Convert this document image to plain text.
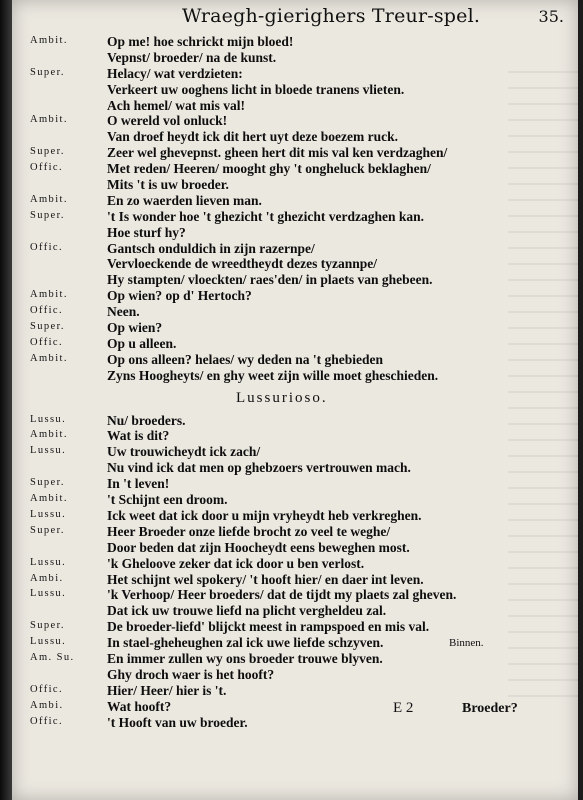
Wraegh-gierighers Treur-spel.	35.
Ambit.	Op me! hoe schrickt mijn bloed!
Vepnst/ broeder/ na de kunst.
Super.	Helacy/ wat verdzieten:
Verkeert uw ooghens licht in bloede tranens vlieten.
Ach hemel/ wat mis val!
Ambit.	O wereld vol onluck!
Van droef heydt ick dit hert uyt deze boezem ruck.
Super.	Zeer wel ghevepnst. gheen hert dit mis val ken verdzaghen/
Offic.	Met reden/ Heeren/ mooght ghy 't ongheluck beklaghen/
Mits 't is uw broeder.
Ambit.	En zo waerden lieven man.
Super.	't Is wonder hoe 't ghezicht 't ghezicht verdzaghen kan.
Hoe sturf hy?
Offic.	Gantsch onduldich in zijn razernpe/
Vervloeckende de wreedtheydt dezes tyzannpe/
Hy stampten/ vloeckten/ raes'den/ in plaets van ghebeen.
Ambit.	Op wien? op d' Hertoch?
Offic.	Neen.
Super.	Op wien?
Offic.	Op u alleen.
Ambit.	Op ons alleen? helaes/ wy deden na 't ghebieden
Zyns Hoogheyts/ en ghy weet zijn wille moet gheschieden.
Lussurioso.
Lussu.	Nu/ broeders.
Ambit.	Wat is dit?
Lussu.	Uw trouwicheydt ick zach/
Nu vind ick dat men op ghebzoers vertrouwen mach.
Super.	In 't leven!
Ambit.	't Schijnt een droom.
Lussu.	Ick weet dat ick door u mijn vryheydt heb verkreghen.
Super.	Heer Broeder onze liefde brocht zo veel te weghe/
Door beden dat zijn Hoocheydt eens beweghen most.
Lussu.	'k Gheloove zeker dat ick door u ben verlost.
Ambi.	Het schijnt wel spokery/ 't hooft hier/ en daer int leven.
Lussu.	'k Verhoop/ Heer broeders/ dat de tijdt my plaets zal gheven.
Dat ick uw trouwe liefd na plicht vergheldeu zal.
Super.	De broeder-liefd' blijckt meest in rampspoed en mis val.
Lussu.	In stael-gheheughen zal ick uwe liefde schzyven.	Binnen.
Am. Su. En immer zullen wy ons broeder trouwe blyven.
Ghy droch waer is het hooft?
Offic.	Hier/ Heer/ hier is 't.
Ambi.	Wat hooft?
Offic.	't Hooft van uw broeder.
E 2	Broeder?
